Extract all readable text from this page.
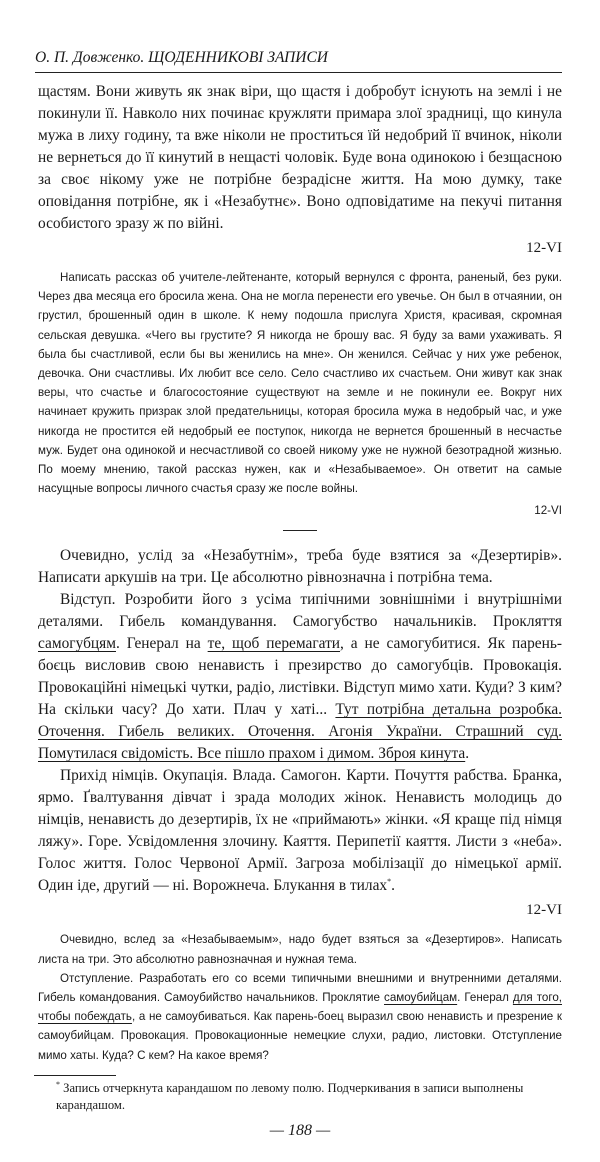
О. П. Довженко. ЩОДЕННИКОВІ ЗАПИСИ

щастям. Вони живуть як знак віри, що щастя і добробут існують на землі і не покинули її. Навколо них починає кружляти примара злої зрадниці, що кинула мужа в лиху годину, та вже ніколи не проститься їй недобрий її вчинок, ніколи не вернеться до її кинутий в нещасті чоловік. Буде вона одинокою і безщасною за своє нікому уже не потрібне безрадісне життя. На мою думку, таке оповідання потрібне, як і «Незабутнє». Воно одповідатиме на пекучі питання особистого зразу ж по війні.

12-VI

Написать рассказ об учителе-лейтенанте, который вернулся с фронта, раненый, без руки. Через два месяца его бросила жена. Она не могла перенести его увечье. Он был в отчаянии, он грустил, брошенный один в школе. К нему подошла прислуга Христя, красивая, скромная сельская девушка. «Чего вы грустите? Я никогда не брошу вас. Я буду за вами ухаживать. Я была бы счастливой, если бы вы женились на мне». Он женился. Сейчас у них уже ребенок, девочка. Они счастливы. Их любит все село. Село счастливо их счастьем. Они живут как знак веры, что счастье и благосостояние существуют на земле и не покинули ее. Вокруг них начинает кружить призрак злой предательницы, которая бросила мужа в недобрый час, и уже никогда не простится ей недобрый ее поступок, никогда не вернется брошенный в несчастье муж. Будет она одинокой и несчастливой со своей никому уже не нужной безотрадной жизнью. По моему мнению, такой рассказ нужен, как и «Незабываемое». Он ответит на самые насущные вопросы личного счастья сразу же после войны.

12-VI

Очевидно, услід за «Незабутнім», треба буде взятися за «Дезертирів». Написати аркушів на три. Це абсолютно рівнозначна і потрібна тема.

Відступ. Розробити його з усіма типічними зовнішніми і внутрішніми деталями. Гибель командування. Самогубство начальників. Прокляття самогубцям. Генерал на те, щоб перемагати, а не самогубитися. Як парень-боєць висловив свою ненависть і презирство до самогубців. Провокація. Провокаційні німецькі чутки, радіо, листівки. Відступ мимо хати. Куди? З ким? На скільки часу? До хати. Плач у хаті... Тут потрібна детальна розробка. Оточення. Гибель великих. Оточення. Агонія України. Страшний суд. Помутилася свідомість. Все пішло прахом і димом. Зброя кинута.

Прихід німців. Окупація. Влада. Самогон. Карти. Почуття рабства. Бранка, ярмо. Ґвалтування дівчат і зрада молодих жінок. Ненависть молодиць до німців, ненависть до дезертирів, їх не «приймають» жінки. «Я краще під німця ляжу». Горе. Усвідомлення злочину. Каяття. Перипетії каяття. Листи з «неба». Голос життя. Голос Червоної Армії. Загроза мобілізації до німецької армії. Один іде, другий — ні. Ворожнеча. Блукання в тилах*.

12-VI

Очевидно, вслед за «Незабываемым», надо будет взяться за «Дезертиров». Написать листа на три. Это абсолютно равнозначная и нужная тема.

Отступление. Разработать его со всеми типичными внешними и внутренними деталями. Гибель командования. Самоубийство начальников. Проклятие самоубийцам. Генерал для того, чтобы побеждать, а не самоубиваться. Как парень-боец выразил свою ненависть и презрение к самоубийцам. Провокация. Провокационные немецкие слухи, радио, листовки. Отступление мимо хаты. Куда? С кем? На какое время?

* Запись отчеркнута карандашом по левому полю. Подчеркивания в записи выполнены карандашом.
— 188 —
